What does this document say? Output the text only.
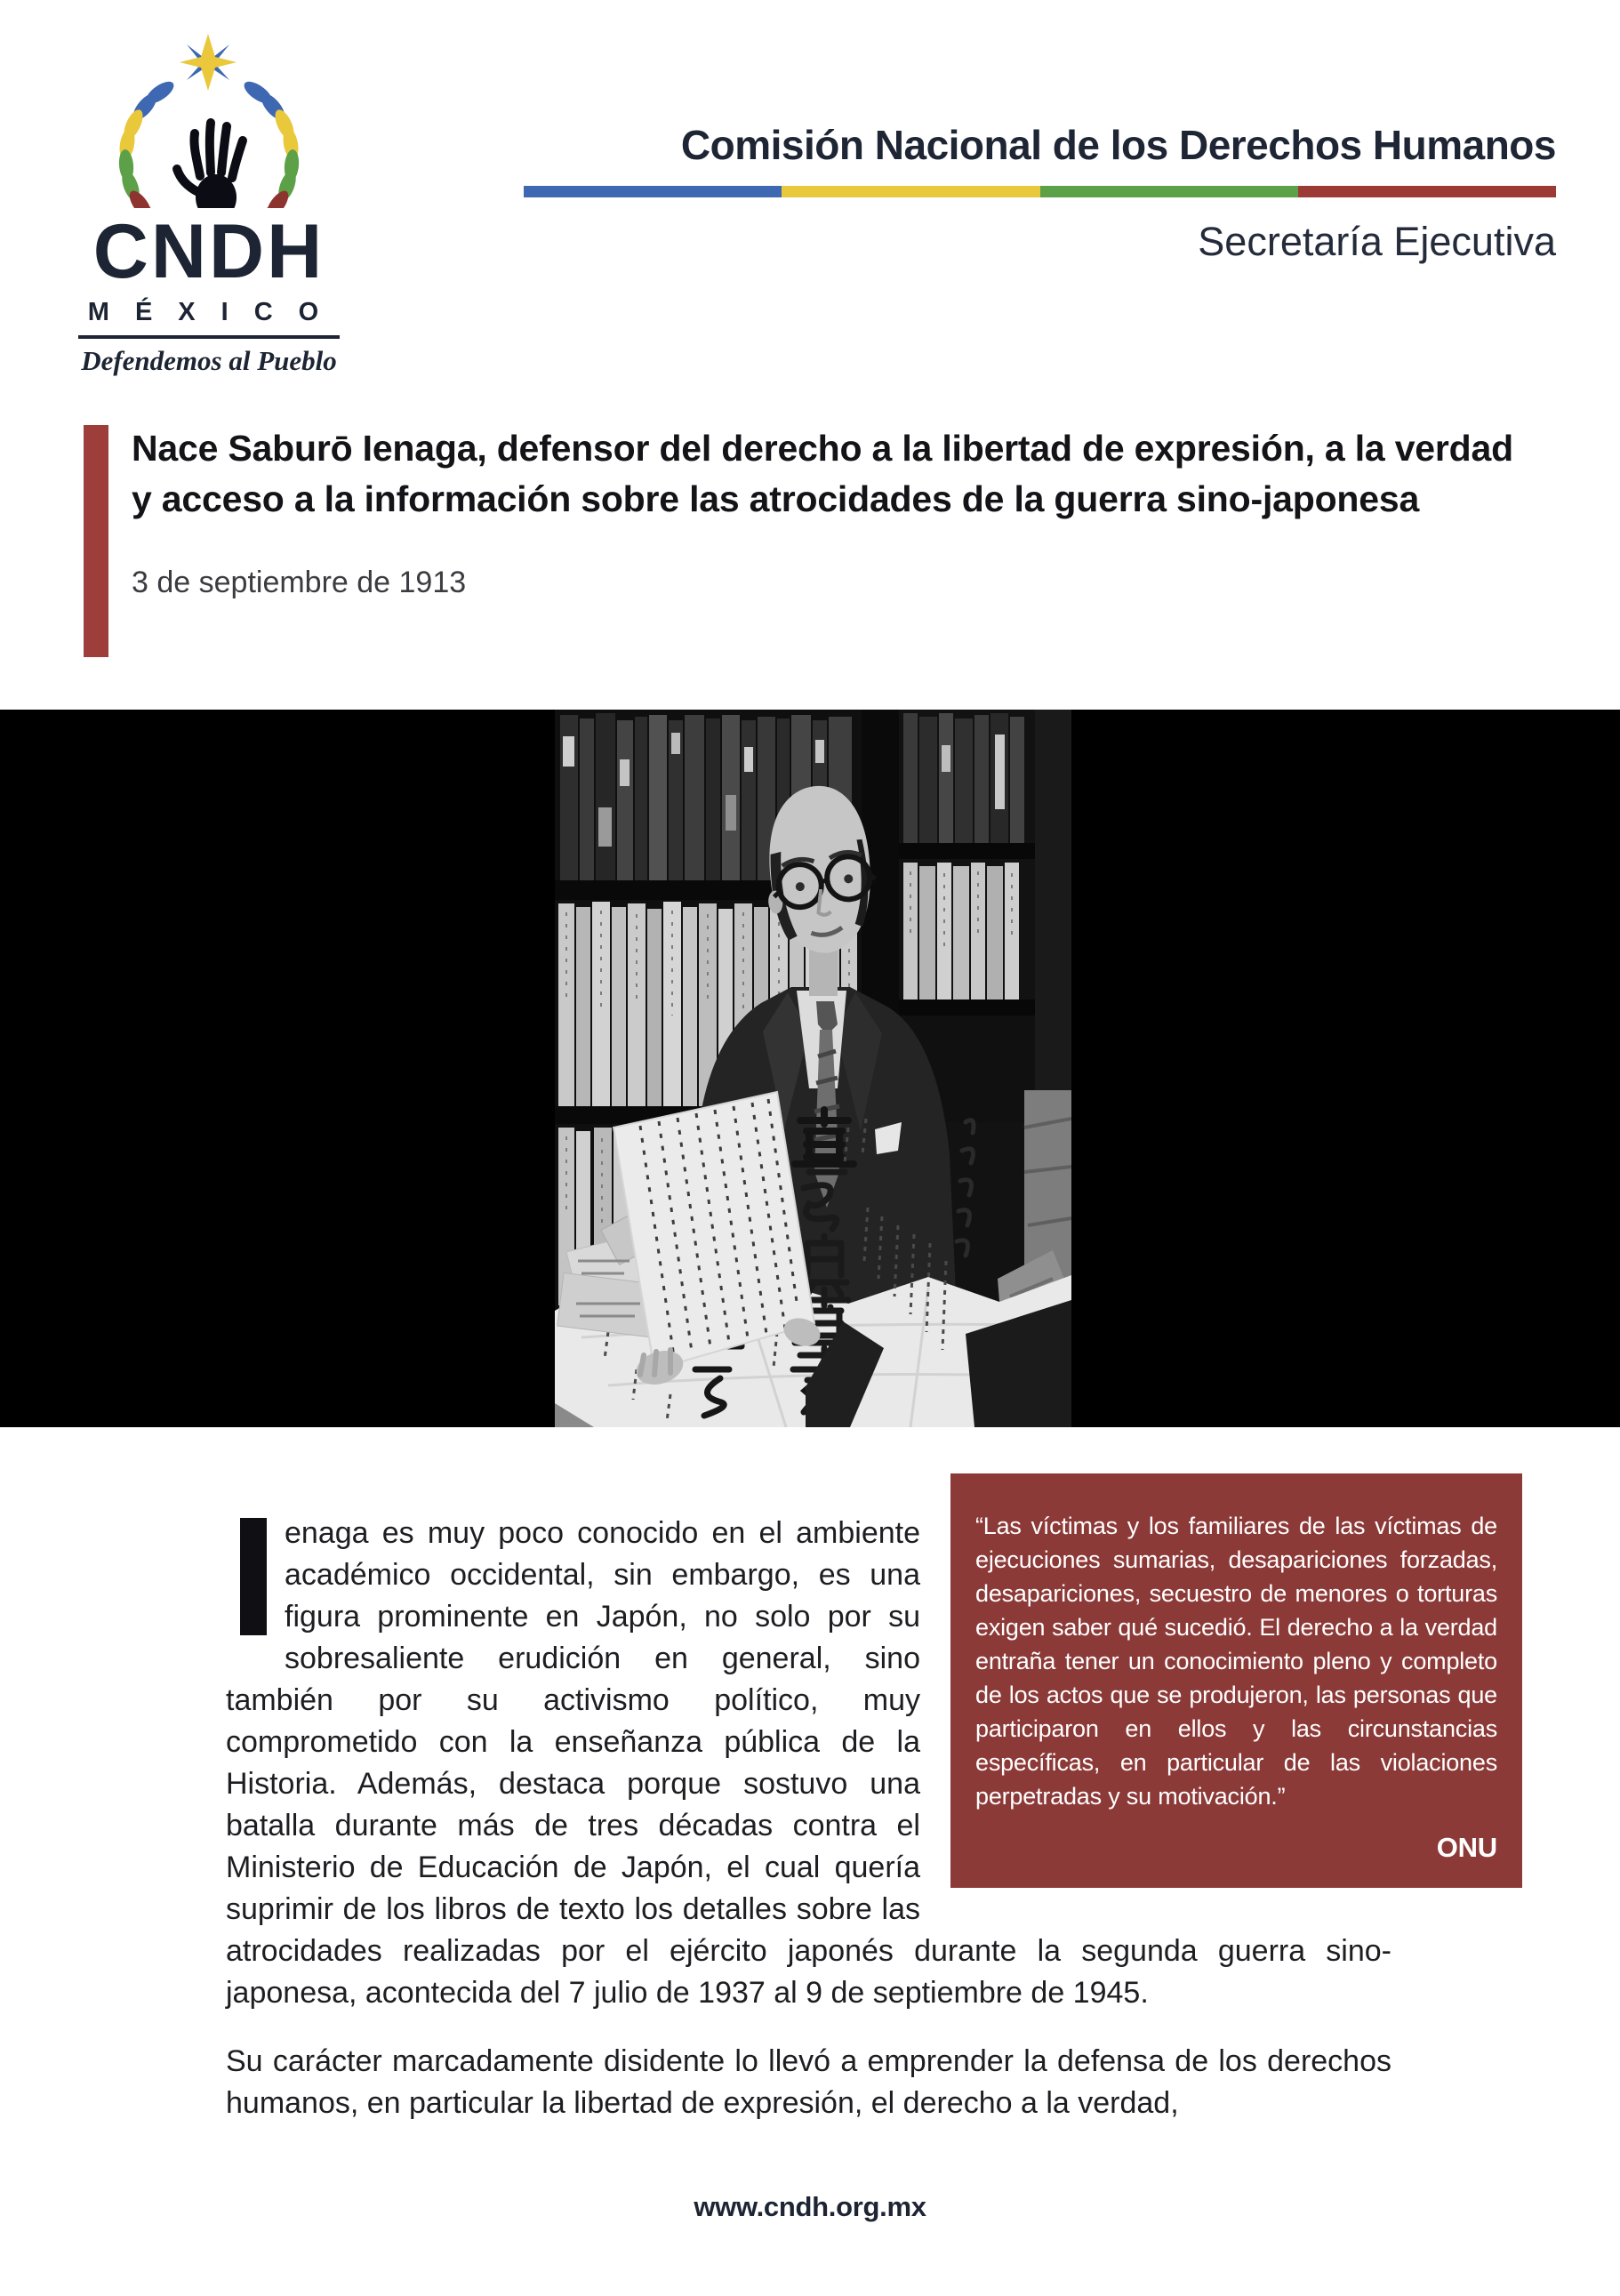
CNDH
MÉXICO
Defendemos al Pueblo
Comisión Nacional de los Derechos Humanos
Secretaría Ejecutiva
Nace Saburō Ienaga, defensor del derecho a la libertad de expresión, a la verdad y acceso a la información sobre las atrocidades de la guerra sino-japonesa
3 de septiembre de 1913

“Las víctimas y los familiares de las víctimas de ejecuciones sumarias, desapariciones forzadas, desapariciones, secuestro de menores o torturas exigen saber qué sucedió. El derecho a la verdad entraña tener un conocimiento pleno y completo de los actos que se produjeron, las personas que participaron en ellos y las circunstancias específicas, en particular de las violaciones perpetradas y su motivación.”

ONU

enaga es muy poco conocido en el ambiente académico occidental, sin embargo, es una figura prominente en Japón, no solo por su sobresaliente erudición en general, sino también por su activismo político, muy comprometido con la enseñanza pública de la Historia. Además, destaca porque sostuvo una batalla durante más de tres décadas contra el Ministerio de Educación de Japón, el cual quería suprimir de los libros de texto los detalles sobre las atrocidades realizadas por el ejército japonés durante la segunda guerra sino-japonesa, acontecida del 7 julio de 1937 al 9 de septiembre de 1945.

Su carácter marcadamente disidente lo llevó a emprender la defensa de los derechos humanos, en particular la libertad de expresión, el derecho a la verdad,

www.cndh.org.mx
